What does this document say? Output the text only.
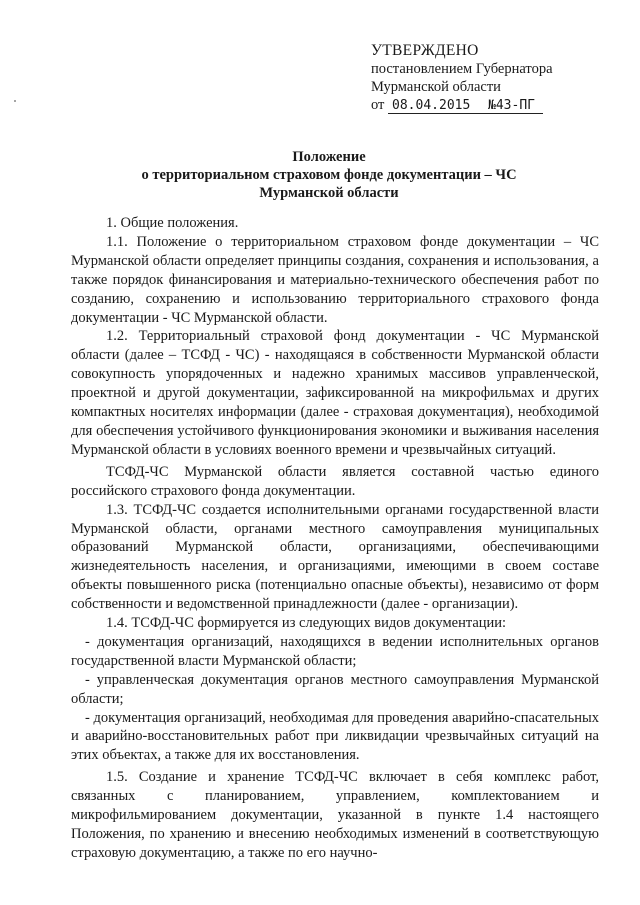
УТВЕРЖДЕНО
постановлением Губернатора
Мурманской области
от 08.04.2015 №43-ПГ
Положение
о территориальном страховом фонде документации – ЧС
Мурманской области

1. Общие положения.

1.1. Положение о территориальном страховом фонде документации – ЧС Мурманской области определяет принципы создания, сохранения и использования, а также порядок финансирования и материально-технического обеспечения работ по созданию, сохранению и использованию территориального страхового фонда документации - ЧС Мурманской области.

1.2. Территориальный страховой фонд документации - ЧС Мурманской области (далее – ТСФД - ЧС) - находящаяся в собственности Мурманской области совокупность упорядоченных и надежно хранимых массивов управленческой, проектной и другой документации, зафиксированной на микрофильмах и других компактных носителях информации (далее - страховая документация), необходимой для обеспечения устойчивого функционирования экономики и выживания населения Мурманской области в условиях военного времени и чрезвычайных ситуаций.

ТСФД-ЧС Мурманской области является составной частью единого российского страхового фонда документации.

1.3. ТСФД-ЧС создается исполнительными органами государственной власти Мурманской области, органами местного самоуправления муниципальных образований Мурманской области, организациями, обеспечивающими жизнедеятельность населения, и организациями, имеющими в своем составе объекты повышенного риска (потенциально опасные объекты), независимо от форм собственности и ведомственной принадлежности (далее - организации).

1.4. ТСФД-ЧС формируется из следующих видов документации:

- документация организаций, находящихся в ведении исполнительных органов государственной власти Мурманской области;

- управленческая документация органов местного самоуправления Мурманской области;

- документация организаций, необходимая для проведения аварийно-спасательных и аварийно-восстановительных работ при ликвидации чрезвычайных ситуаций на этих объектах, а также для их восстановления.

1.5. Создание и хранение ТСФД-ЧС включает в себя комплекс работ, связанных с планированием, управлением, комплектованием и микрофильмированием документации, указанной в пункте 1.4 настоящего Положения, по хранению и внесению необходимых изменений в соответствующую страховую документацию, а также по его научно-
